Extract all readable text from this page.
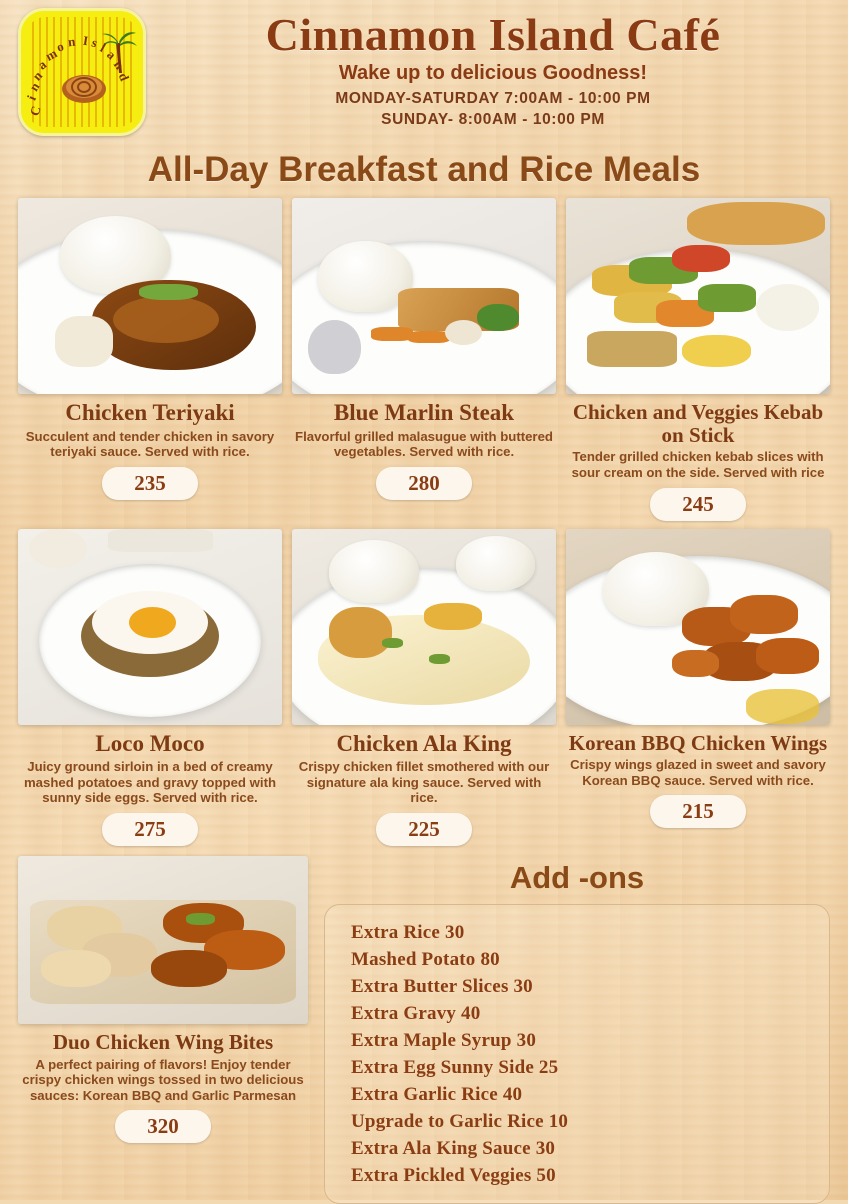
C
i
n
n
a
m
o n I s
l
a
n
d
Cinnamon Island Café
Wake up to delicious Goodness!
MONDAY-SATURDAY 7:00AM - 10:00 PM
SUNDAY- 8:00AM - 10:00 PM
All-Day Breakfast and Rice Meals
Chicken Teriyaki
Succulent and tender chicken in savory teriyaki sauce. Served with rice.
235
Blue Marlin Steak
Flavorful grilled malasugue with buttered vegetables. Served with rice.
280
Chicken and Veggies Kebab on Stick
Tender grilled chicken kebab slices with sour cream on the side. Served with rice
245
Loco Moco
Juicy ground sirloin in a bed of creamy mashed potatoes and gravy topped with sunny side eggs. Served with rice.
275
Chicken Ala King
Crispy chicken fillet smothered with our signature ala king sauce. Served with rice.
225
Korean BBQ Chicken Wings
Crispy wings glazed in sweet and savory Korean BBQ sauce. Served with rice.
215
Duo Chicken Wing Bites
A perfect pairing of flavors! Enjoy tender crispy chicken wings tossed in two delicious sauces: Korean BBQ and Garlic Parmesan
320
Add -ons
Extra Rice 30
Mashed Potato 80
Extra Butter Slices 30
Extra Gravy 40
Extra Maple Syrup 30
Extra Egg Sunny Side 25
Extra Garlic Rice 40
Upgrade to Garlic Rice 10
Extra Ala King Sauce 30
Extra Pickled Veggies 50
